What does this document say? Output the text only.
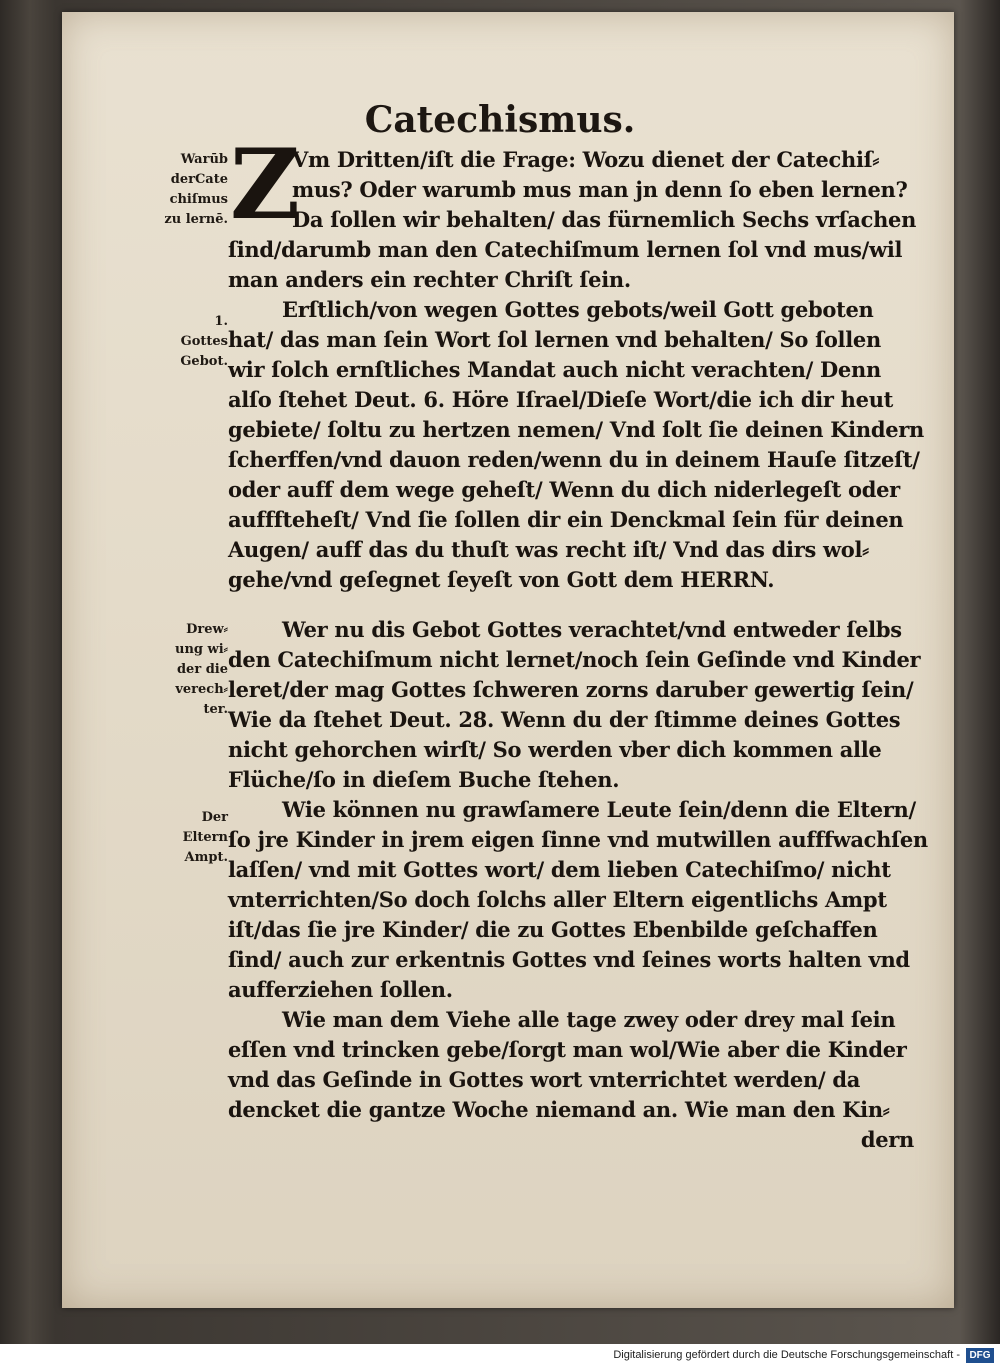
Catechismus.
Warūb
derCate
chiſmus
zu lernē.
1.
Gottes
Gebot.
Drew⸗
ung wi⸗
der die
verech⸗
ter.
Der
Eltern
Ampt.
Z
Vm Dritten/iſt die Frage: Wozu dienet der Catechiſ⸗
mus? Oder warumb mus man jn denn ſo eben lernen?
Da ſollen wir behalten/ das fürnemlich Sechs vrſachen
ſind/darumb man den Catechiſmum lernen ſol vnd mus/wil
man anders ein rechter Chriſt ſein.
Erſtlich/von wegen Gottes gebots/weil Gott geboten
hat/ das man ſein Wort ſol lernen vnd behalten/ So ſollen
wir ſolch ernſtliches Mandat auch nicht verachten/ Denn
alſo ſtehet Deut. 6. Höre Iſrael/Dieſe Wort/die ich dir heut
gebiete/ ſoltu zu hertzen nemen/ Vnd ſolt ſie deinen Kindern
ſcherffen/vnd dauon reden/wenn du in deinem Hauſe ſitzeſt/
oder auff dem wege geheſt/ Wenn du dich niderlegeſt oder
aufffteheſt/ Vnd ſie ſollen dir ein Denckmal ſein für deinen
Augen/ auff das du thuſt was recht iſt/ Vnd das dirs wol⸗
gehe/vnd geſegnet ſeyeſt von Gott dem HERRN.
Wer nu dis Gebot Gottes verachtet/vnd entweder ſelbs
den Catechiſmum nicht lernet/noch ſein Geſinde vnd Kinder
leret/der mag Gottes ſchweren zorns daruber gewertig ſein/
Wie da ſtehet Deut. 28. Wenn du der ſtimme deines Gottes
nicht gehorchen wirſt/ So werden vber dich kommen alle
Flüche/ſo in dieſem Buche ſtehen.
Wie können nu grawſamere Leute ſein/denn die Eltern/
ſo jre Kinder in jrem eigen ſinne vnd mutwillen aufffwachſen
laſſen/ vnd mit Gottes wort/ dem lieben Catechiſmo/ nicht
vnterrichten/So doch ſolchs aller Eltern eigentlichs Ampt
iſt/das ſie jre Kinder/ die zu Gottes Ebenbilde geſchaffen
ſind/ auch zur erkentnis Gottes vnd ſeines worts halten vnd
aufferziehen ſollen.
Wie man dem Viehe alle tage zwey oder drey mal ſein
eſſen vnd trincken gebe/ſorgt man wol/Wie aber die Kinder
vnd das Geſinde in Gottes wort vnterrichtet werden/ da
dencket die gantze Woche niemand an. Wie man den Kin⸗
dern
Digitalisierung gefördert durch die Deutsche Forschungsgemeinschaft - DFG
